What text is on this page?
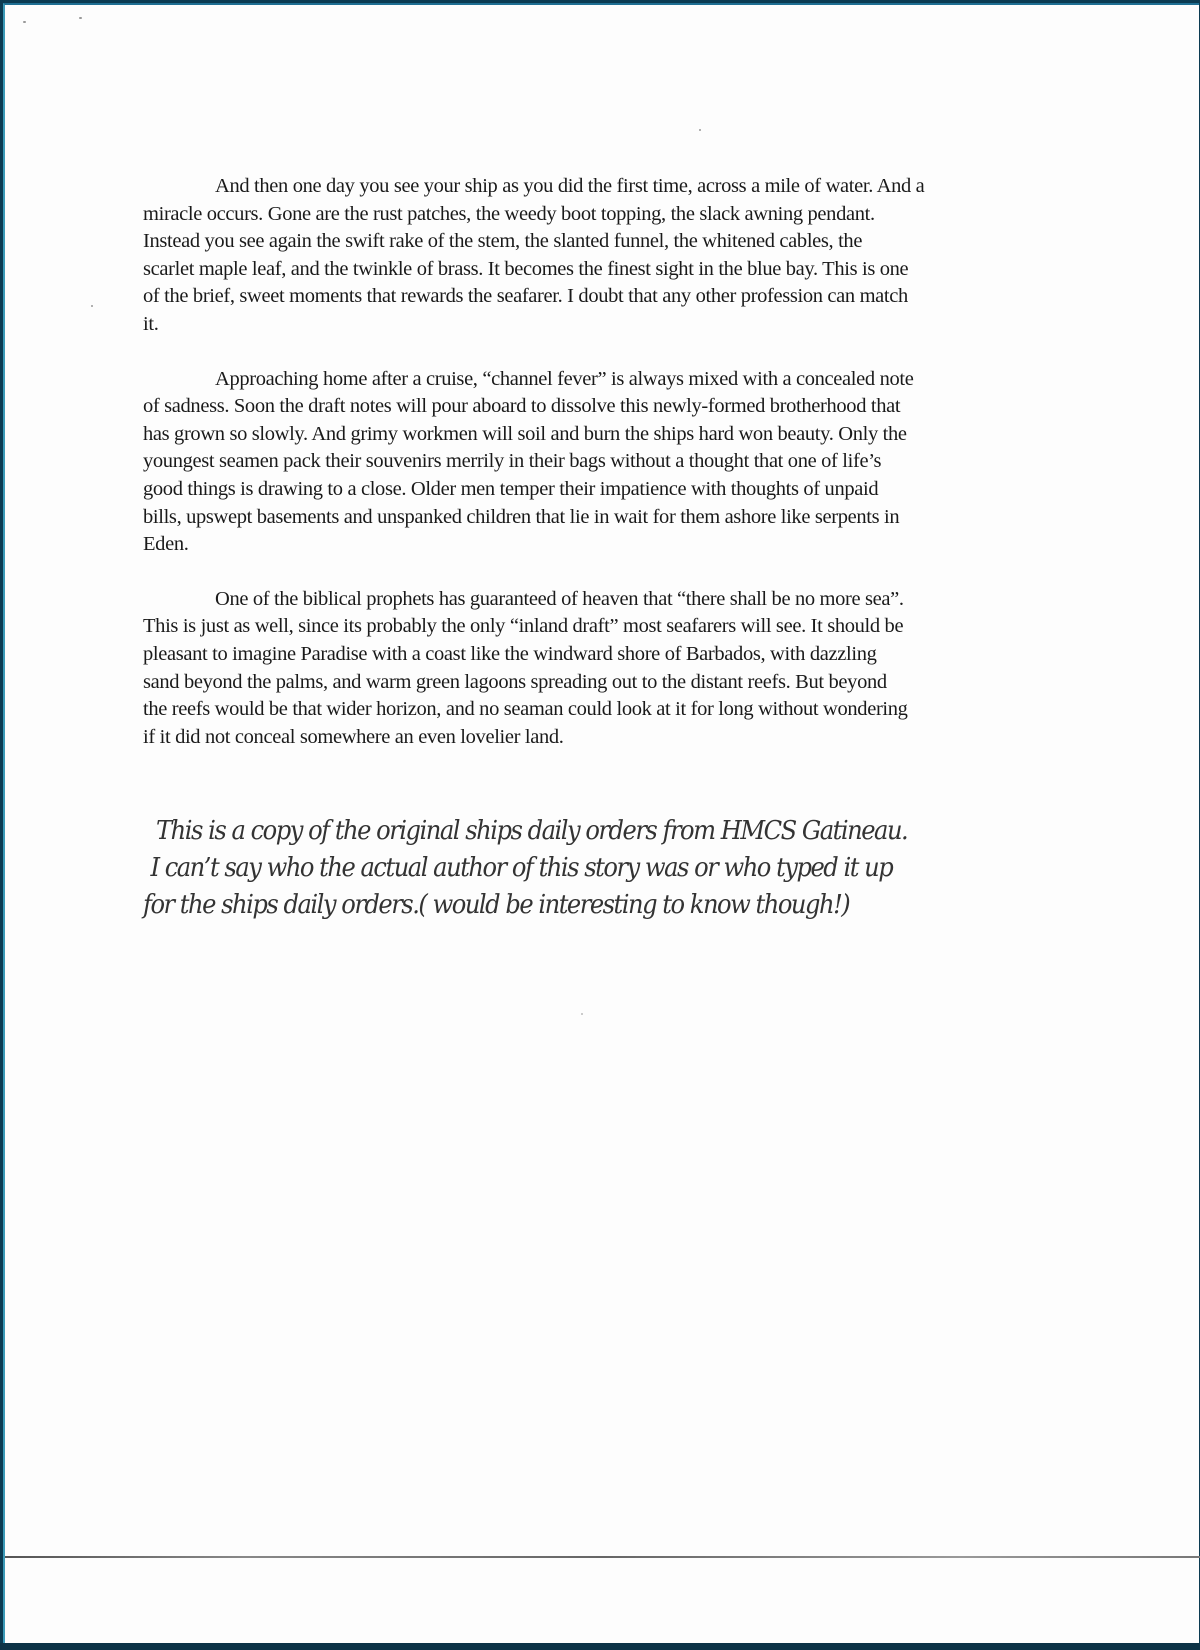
And then one day you see your ship as you did the first time, across a mile of water. And a
miracle occurs. Gone are the rust patches, the weedy boot topping, the slack awning pendant.
Instead you see again the swift rake of the stem, the slanted funnel, the whitened cables, the
scarlet maple leaf, and the twinkle of brass. It becomes the finest sight in the blue bay. This is one
of the brief, sweet moments that rewards the seafarer. I doubt that any other profession can match
it.

Approaching home after a cruise, “channel fever” is always mixed with a concealed note
of sadness. Soon the draft notes will pour aboard to dissolve this newly-formed brotherhood that
has grown so slowly. And grimy workmen will soil and burn the ships hard won beauty. Only the
youngest seamen pack their souvenirs merrily in their bags without a thought that one of life’s
good things is drawing to a close. Older men temper their impatience with thoughts of unpaid
bills, upswept basements and unspanked children that lie in wait for them ashore like serpents in
Eden.

One of the biblical prophets has guaranteed of heaven that “there shall be no more sea”.
This is just as well, since its probably the only “inland draft” most seafarers will see. It should be
pleasant to imagine Paradise with a coast like the windward shore of Barbados, with dazzling
sand beyond the palms, and warm green lagoons spreading out to the distant reefs. But beyond
the reefs would be that wider horizon, and no seaman could look at it for long without wondering
if it did not conceal somewhere an even lovelier land.

This is a copy of the original ships daily orders from HMCS Gatineau.
I can’t say who the actual author of this story was or who typed it up
for the ships daily orders.( would be interesting to know though!)
